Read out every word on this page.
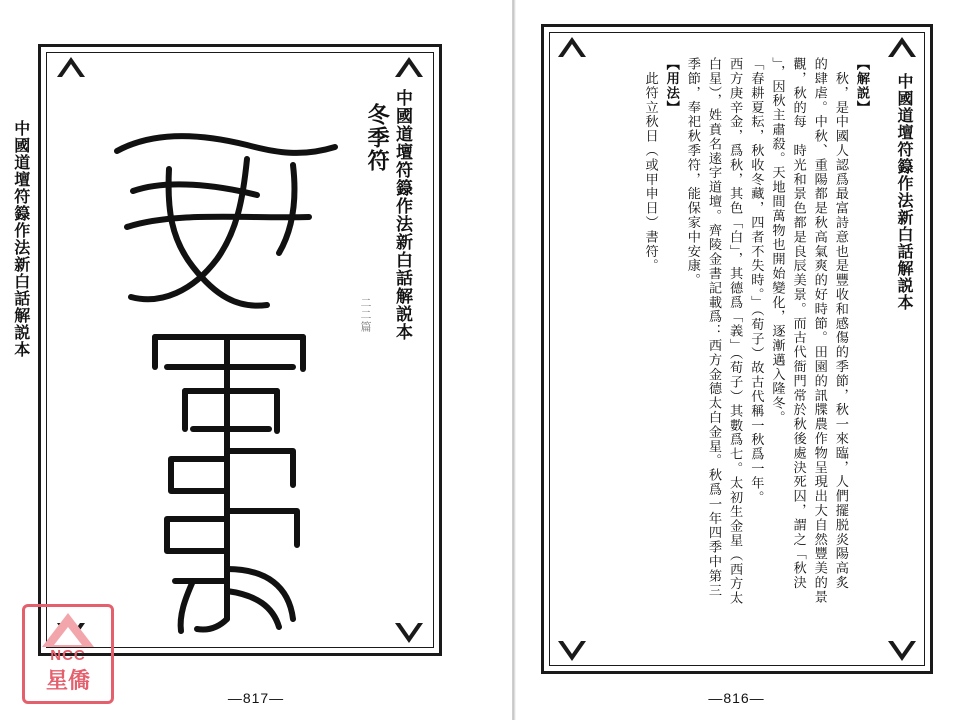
冬季符
二二篇 中國道壇符籙作法新白話解説本
中國道壇符籙作法新白話解説本
NCC
星僑
—817—
【解説】
　秋，是中國人認爲最富詩意也是豐收和感傷的季節，秋一來臨，人們擺脱炎陽高炙
的肆虐。中秋、重陽都是秋高氣爽的好時節。田園的訊牒農作物呈現出大自然豐美的景
觀，秋的每　時光和景色都是良辰美景。而古代衙門常於秋後處決死囚，謂之「秋決
」，因秋主肅殺。天地間萬物也開始變化，逐漸邁入隆冬。
「春耕夏耘，秋收冬藏，四者不失時。」（荀子）故古代稱一秋爲一年。
西方庚辛金，爲秋，其色「白」，其德爲「義」（荀子）其數爲七。太初生金星（西方太
白星），姓賁名逺字道壇。齊陵金書記載爲：西方金德太白金星。秋爲一年四季中第三
季節，奉祀秋季符，能保家中安康。
【用法】
　此符立秋日（或甲申日）書符。	中國道壇符籙作法新白話解説本
—816—
